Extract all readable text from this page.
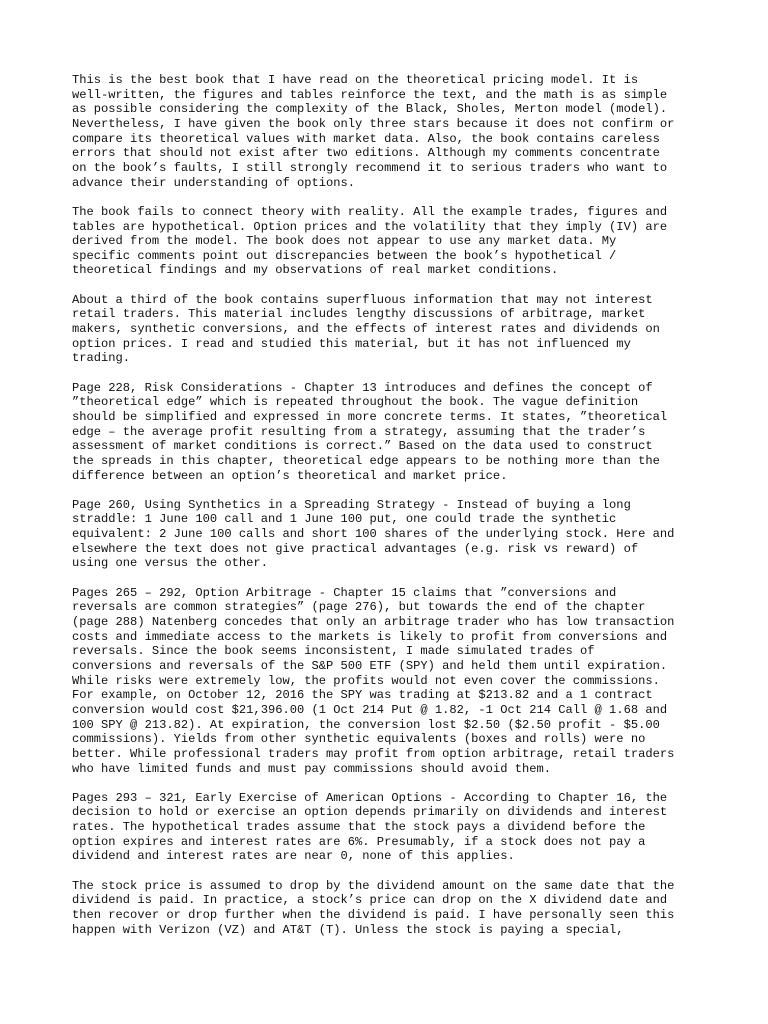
This is the best book that I have read on the theoretical pricing model. It is
well-written, the figures and tables reinforce the text, and the math is as simple
as possible considering the complexity of the Black, Sholes, Merton model (model).
Nevertheless, I have given the book only three stars because it does not confirm or
compare its theoretical values with market data. Also, the book contains careless
errors that should not exist after two editions. Although my comments concentrate
on the book’s faults, I still strongly recommend it to serious traders who want to
advance their understanding of options.
The book fails to connect theory with reality. All the example trades, figures and
tables are hypothetical. Option prices and the volatility that they imply (IV) are
derived from the model. The book does not appear to use any market data. My
specific comments point out discrepancies between the book’s hypothetical /
theoretical findings and my observations of real market conditions.
About a third of the book contains superfluous information that may not interest
retail traders. This material includes lengthy discussions of arbitrage, market
makers, synthetic conversions, and the effects of interest rates and dividends on
option prices. I read and studied this material, but it has not influenced my
trading.
Page 228, Risk Considerations - Chapter 13 introduces and defines the concept of
”theoretical edge” which is repeated throughout the book. The vague definition
should be simplified and expressed in more concrete terms. It states, ”theoretical
edge – the average profit resulting from a strategy, assuming that the trader’s
assessment of market conditions is correct.” Based on the data used to construct
the spreads in this chapter, theoretical edge appears to be nothing more than the
difference between an option’s theoretical and market price.
Page 260, Using Synthetics in a Spreading Strategy - Instead of buying a long
straddle: 1 June 100 call and 1 June 100 put, one could trade the synthetic
equivalent: 2 June 100 calls and short 100 shares of the underlying stock. Here and
elsewhere the text does not give practical advantages (e.g. risk vs reward) of
using one versus the other.
Pages 265 – 292, Option Arbitrage - Chapter 15 claims that ”conversions and
reversals are common strategies” (page 276), but towards the end of the chapter
(page 288) Natenberg concedes that only an arbitrage trader who has low transaction
costs and immediate access to the markets is likely to profit from conversions and
reversals. Since the book seems inconsistent, I made simulated trades of
conversions and reversals of the S&P 500 ETF (SPY) and held them until expiration.
While risks were extremely low, the profits would not even cover the commissions.
For example, on October 12, 2016 the SPY was trading at $213.82 and a 1 contract
conversion would cost $21,396.00 (1 Oct 214 Put @ 1.82, -1 Oct 214 Call @ 1.68 and
100 SPY @ 213.82). At expiration, the conversion lost $2.50 ($2.50 profit - $5.00
commissions). Yields from other synthetic equivalents (boxes and rolls) were no
better. While professional traders may profit from option arbitrage, retail traders
who have limited funds and must pay commissions should avoid them.
Pages 293 – 321, Early Exercise of American Options - According to Chapter 16, the
decision to hold or exercise an option depends primarily on dividends and interest
rates. The hypothetical trades assume that the stock pays a dividend before the
option expires and interest rates are 6%. Presumably, if a stock does not pay a
dividend and interest rates are near 0, none of this applies.
The stock price is assumed to drop by the dividend amount on the same date that the
dividend is paid. In practice, a stock’s price can drop on the X dividend date and
then recover or drop further when the dividend is paid. I have personally seen this
happen with Verizon (VZ) and AT&T (T). Unless the stock is paying a special,
